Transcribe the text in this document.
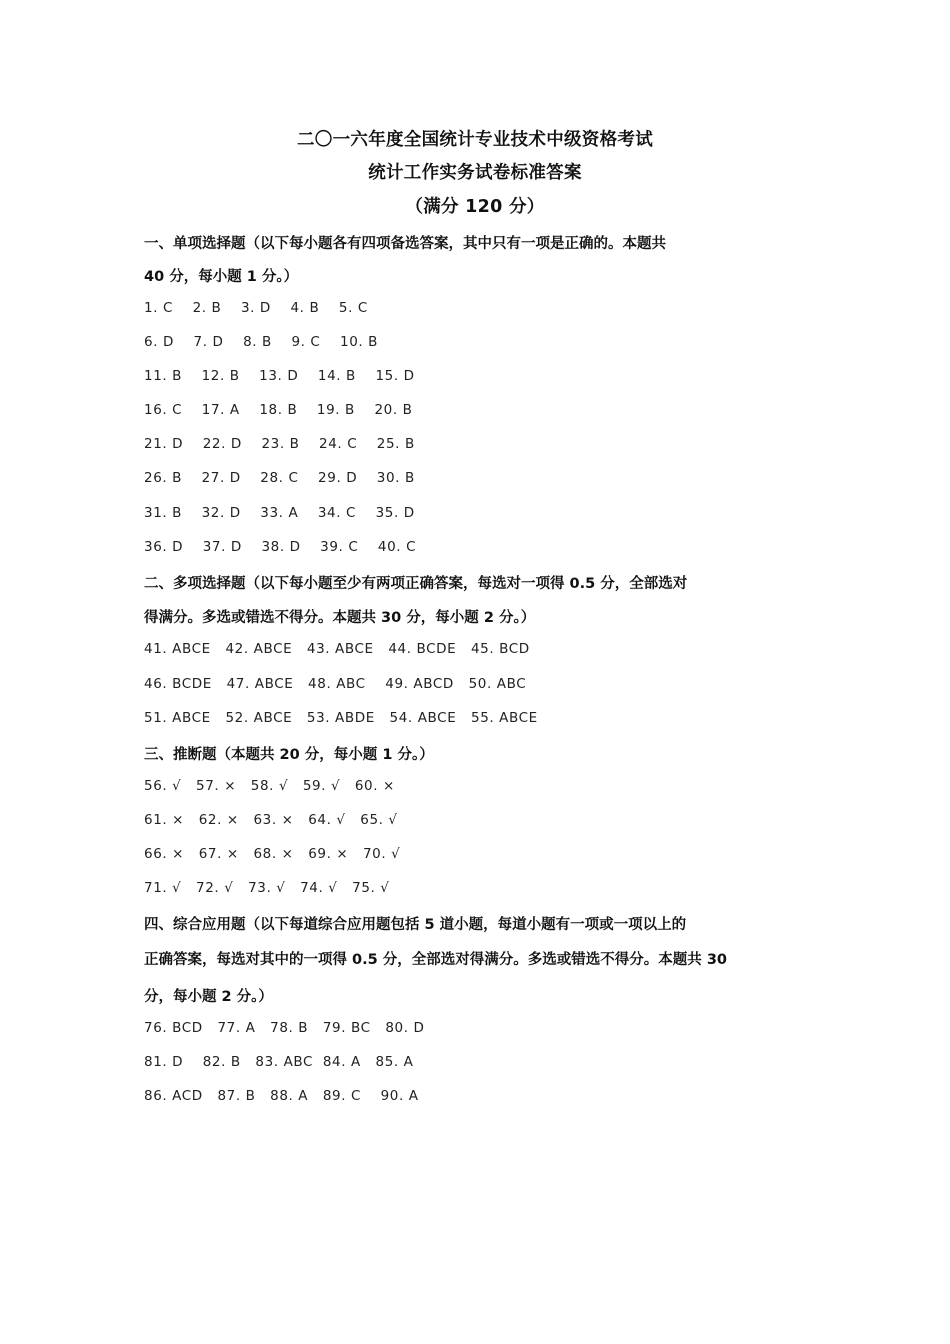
二〇一六年度全国统计专业技术中级资格考试
统计工作实务试卷标准答案
（满分 120 分）
一、单项选择题（以下每小题各有四项备选答案，其中只有一项是正确的。本题共
40 分，每小题 1 分。）
1. C    2. B    3. D    4. B    5. C
6. D    7. D    8. B    9. C    10. B
11. B    12. B    13. D    14. B    15. D
16. C    17. A    18. B    19. B    20. B
21. D    22. D    23. B    24. C    25. B
26. B    27. D    28. C    29. D    30. B
31. B    32. D    33. A    34. C    35. D
36. D    37. D    38. D    39. C    40. C
二、多项选择题（以下每小题至少有两项正确答案，每选对一项得 0.5 分，全部选对
得满分。多选或错选不得分。本题共 30 分，每小题 2 分。）
41. ABCE   42. ABCE   43. ABCE   44. BCDE   45. BCD
46. BCDE   47. ABCE   48. ABC    49. ABCD   50. ABC
51. ABCE   52. ABCE   53. ABDE   54. ABCE   55. ABCE
三、推断题（本题共 20 分，每小题 1 分。）
56. √   57. ×   58. √   59. √   60. ×
61. ×   62. ×   63. ×   64. √   65. √
66. ×   67. ×   68. ×   69. ×   70. √
71. √   72. √   73. √   74. √   75. √
四、综合应用题（以下每道综合应用题包括 5 道小题，每道小题有一项或一项以上的
正确答案，每选对其中的一项得 0.5 分，全部选对得满分。多选或错选不得分。本题共 30
分，每小题 2 分。）
76. BCD   77. A   78. B   79. BC   80. D
81. D    82. B   83. ABC  84. A   85. A
86. ACD   87. B   88. A   89. C    90. A
